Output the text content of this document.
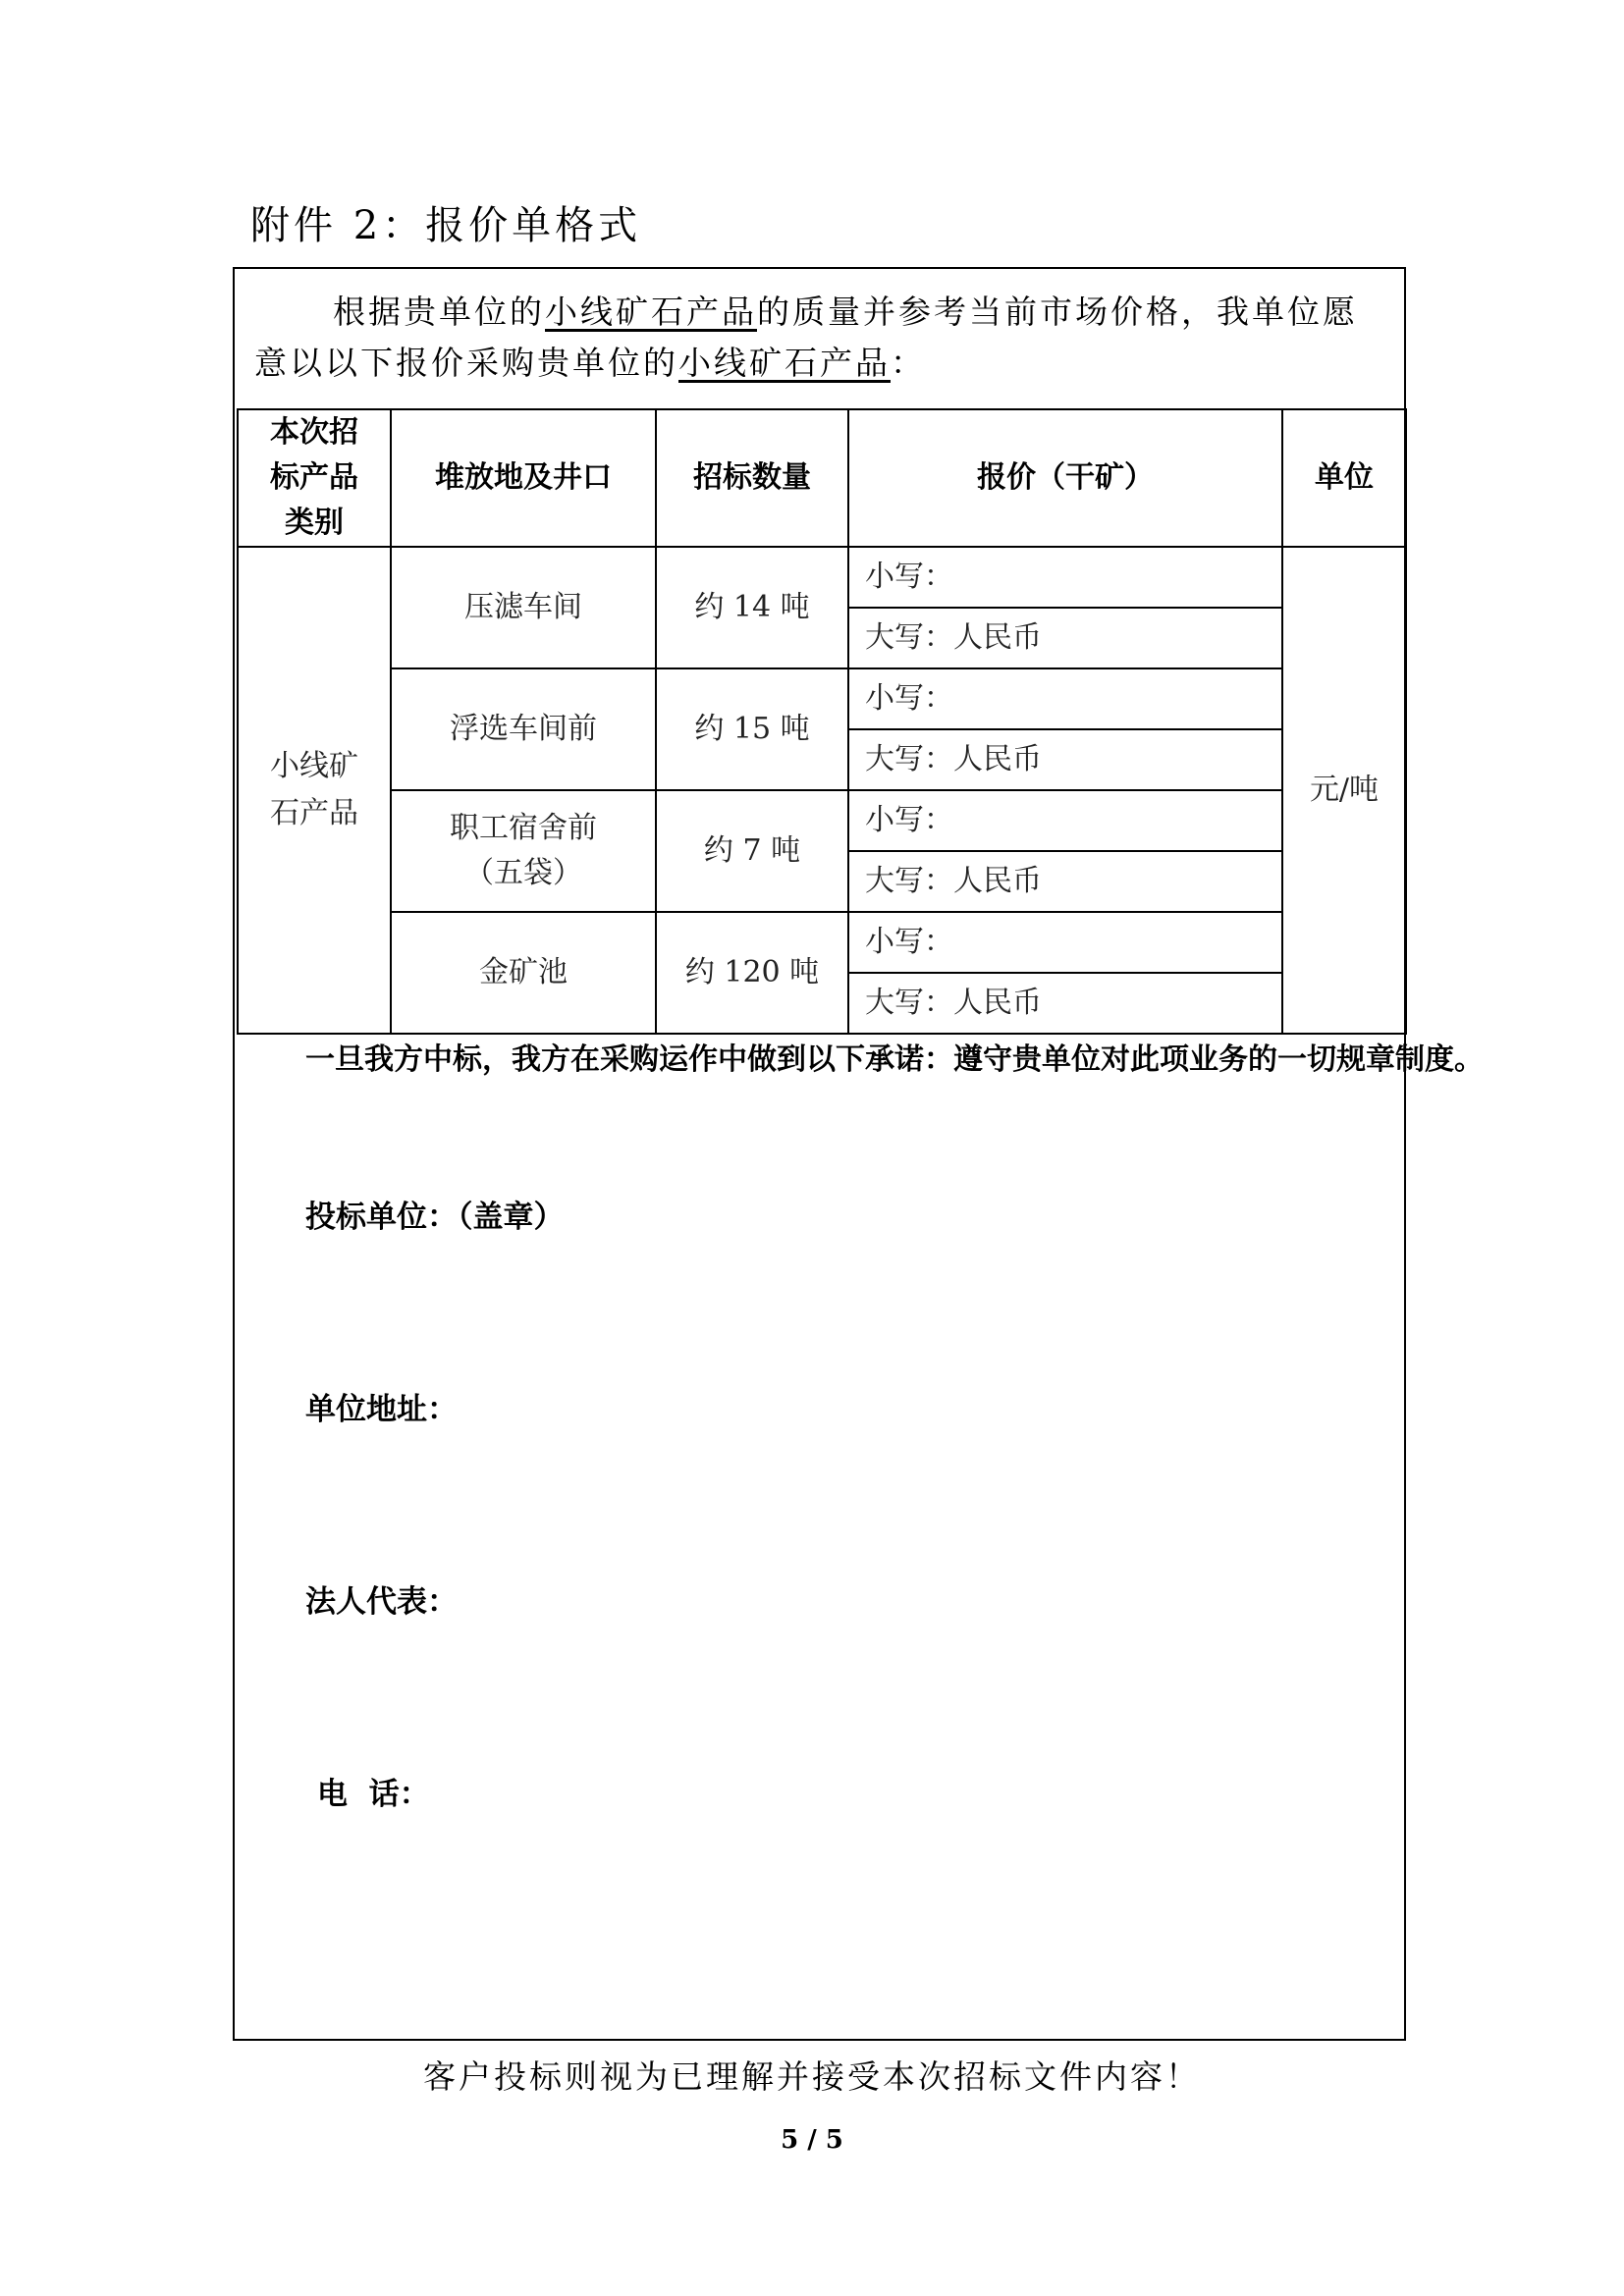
附件 2：报价单格式
根据贵单位的小线矿石产品的质量并参考当前市场价格，我单位愿意以以下报价采购贵单位的小线矿石产品：
本次招标产品类别	堆放地及井口	招标数量	报价（干矿）	单位

小线矿石产品	压滤车间	约 14 吨	小写：	元/吨
			大写：人民币	
	浮选车间前	约 15 吨	小写：	
			大写：人民币	

	职工宿舍前（五袋）	约 7 吨	小写：	
			大写：人民币	
	金矿池	约 120 吨	小写：	
			大写：人民币	
一旦我方中标，我方在采购运作中做到以下承诺：遵守贵单位对此项业务的一切规章制度。
投标单位：（盖章）
单位地址：
法人代表：
电  话：
客户投标则视为已理解并接受本次招标文件内容！
5 / 5
